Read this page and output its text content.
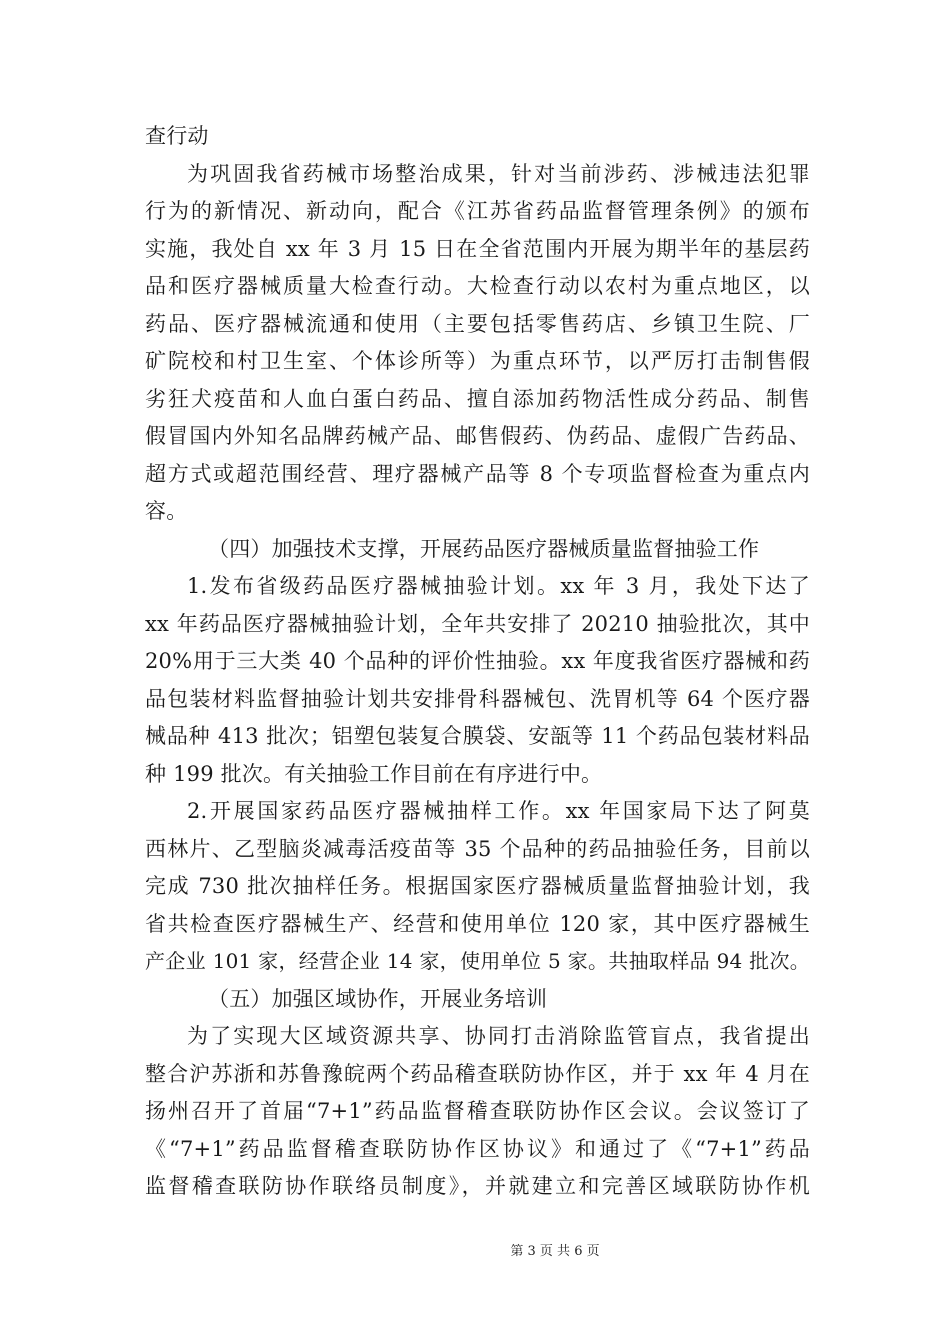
查行动
为巩固我省药械市场整治成果，针对当前涉药、涉械违法犯罪
行为的新情况、新动向，配合《江苏省药品监督管理条例》的颁布
实施，我处自 xx 年 3 月 15 日在全省范围内开展为期半年的基层药
品和医疗器械质量大检查行动。大检查行动以农村为重点地区，以
药品、医疗器械流通和使用（主要包括零售药店、乡镇卫生院、厂
矿院校和村卫生室、个体诊所等）为重点环节，以严厉打击制售假
劣狂犬疫苗和人血白蛋白药品、擅自添加药物活性成分药品、制售
假冒国内外知名品牌药械产品、邮售假药、伪药品、虚假广告药品、
超方式或超范围经营、理疗器械产品等 8 个专项监督检查为重点内
容。
（四）加强技术支撑，开展药品医疗器械质量监督抽验工作
1.发布省级药品医疗器械抽验计划。xx 年 3 月，我处下达了
xx 年药品医疗器械抽验计划，全年共安排了 20210 抽验批次，其中
20%用于三大类 40 个品种的评价性抽验。xx 年度我省医疗器械和药
品包装材料监督抽验计划共安排骨科器械包、洗胃机等 64 个医疗器
械品种 413 批次；铝塑包装复合膜袋、安瓿等 11 个药品包装材料品
种 199 批次。有关抽验工作目前在有序进行中。
2.开展国家药品医疗器械抽样工作。xx 年国家局下达了阿莫
西林片、乙型脑炎减毒活疫苗等 35 个品种的药品抽验任务，目前以
完成 730 批次抽样任务。根据国家医疗器械质量监督抽验计划，我
省共检查医疗器械生产、经营和使用单位 120 家，其中医疗器械生
产企业 101 家，经营企业 14 家，使用单位 5 家。共抽取样品 94 批次。
（五）加强区域协作，开展业务培训
为了实现大区域资源共享、协同打击消除监管盲点，我省提出
整合沪苏浙和苏鲁豫皖两个药品稽查联防协作区，并于 xx 年 4 月在
扬州召开了首届“7+1”药品监督稽查联防协作区会议。会议签订了
《“7+1”药品监督稽查联防协作区协议》和通过了《“7+1”药品
监督稽查联防协作联络员制度》，并就建立和完善区域联防协作机
第 3 页 共 6 页
